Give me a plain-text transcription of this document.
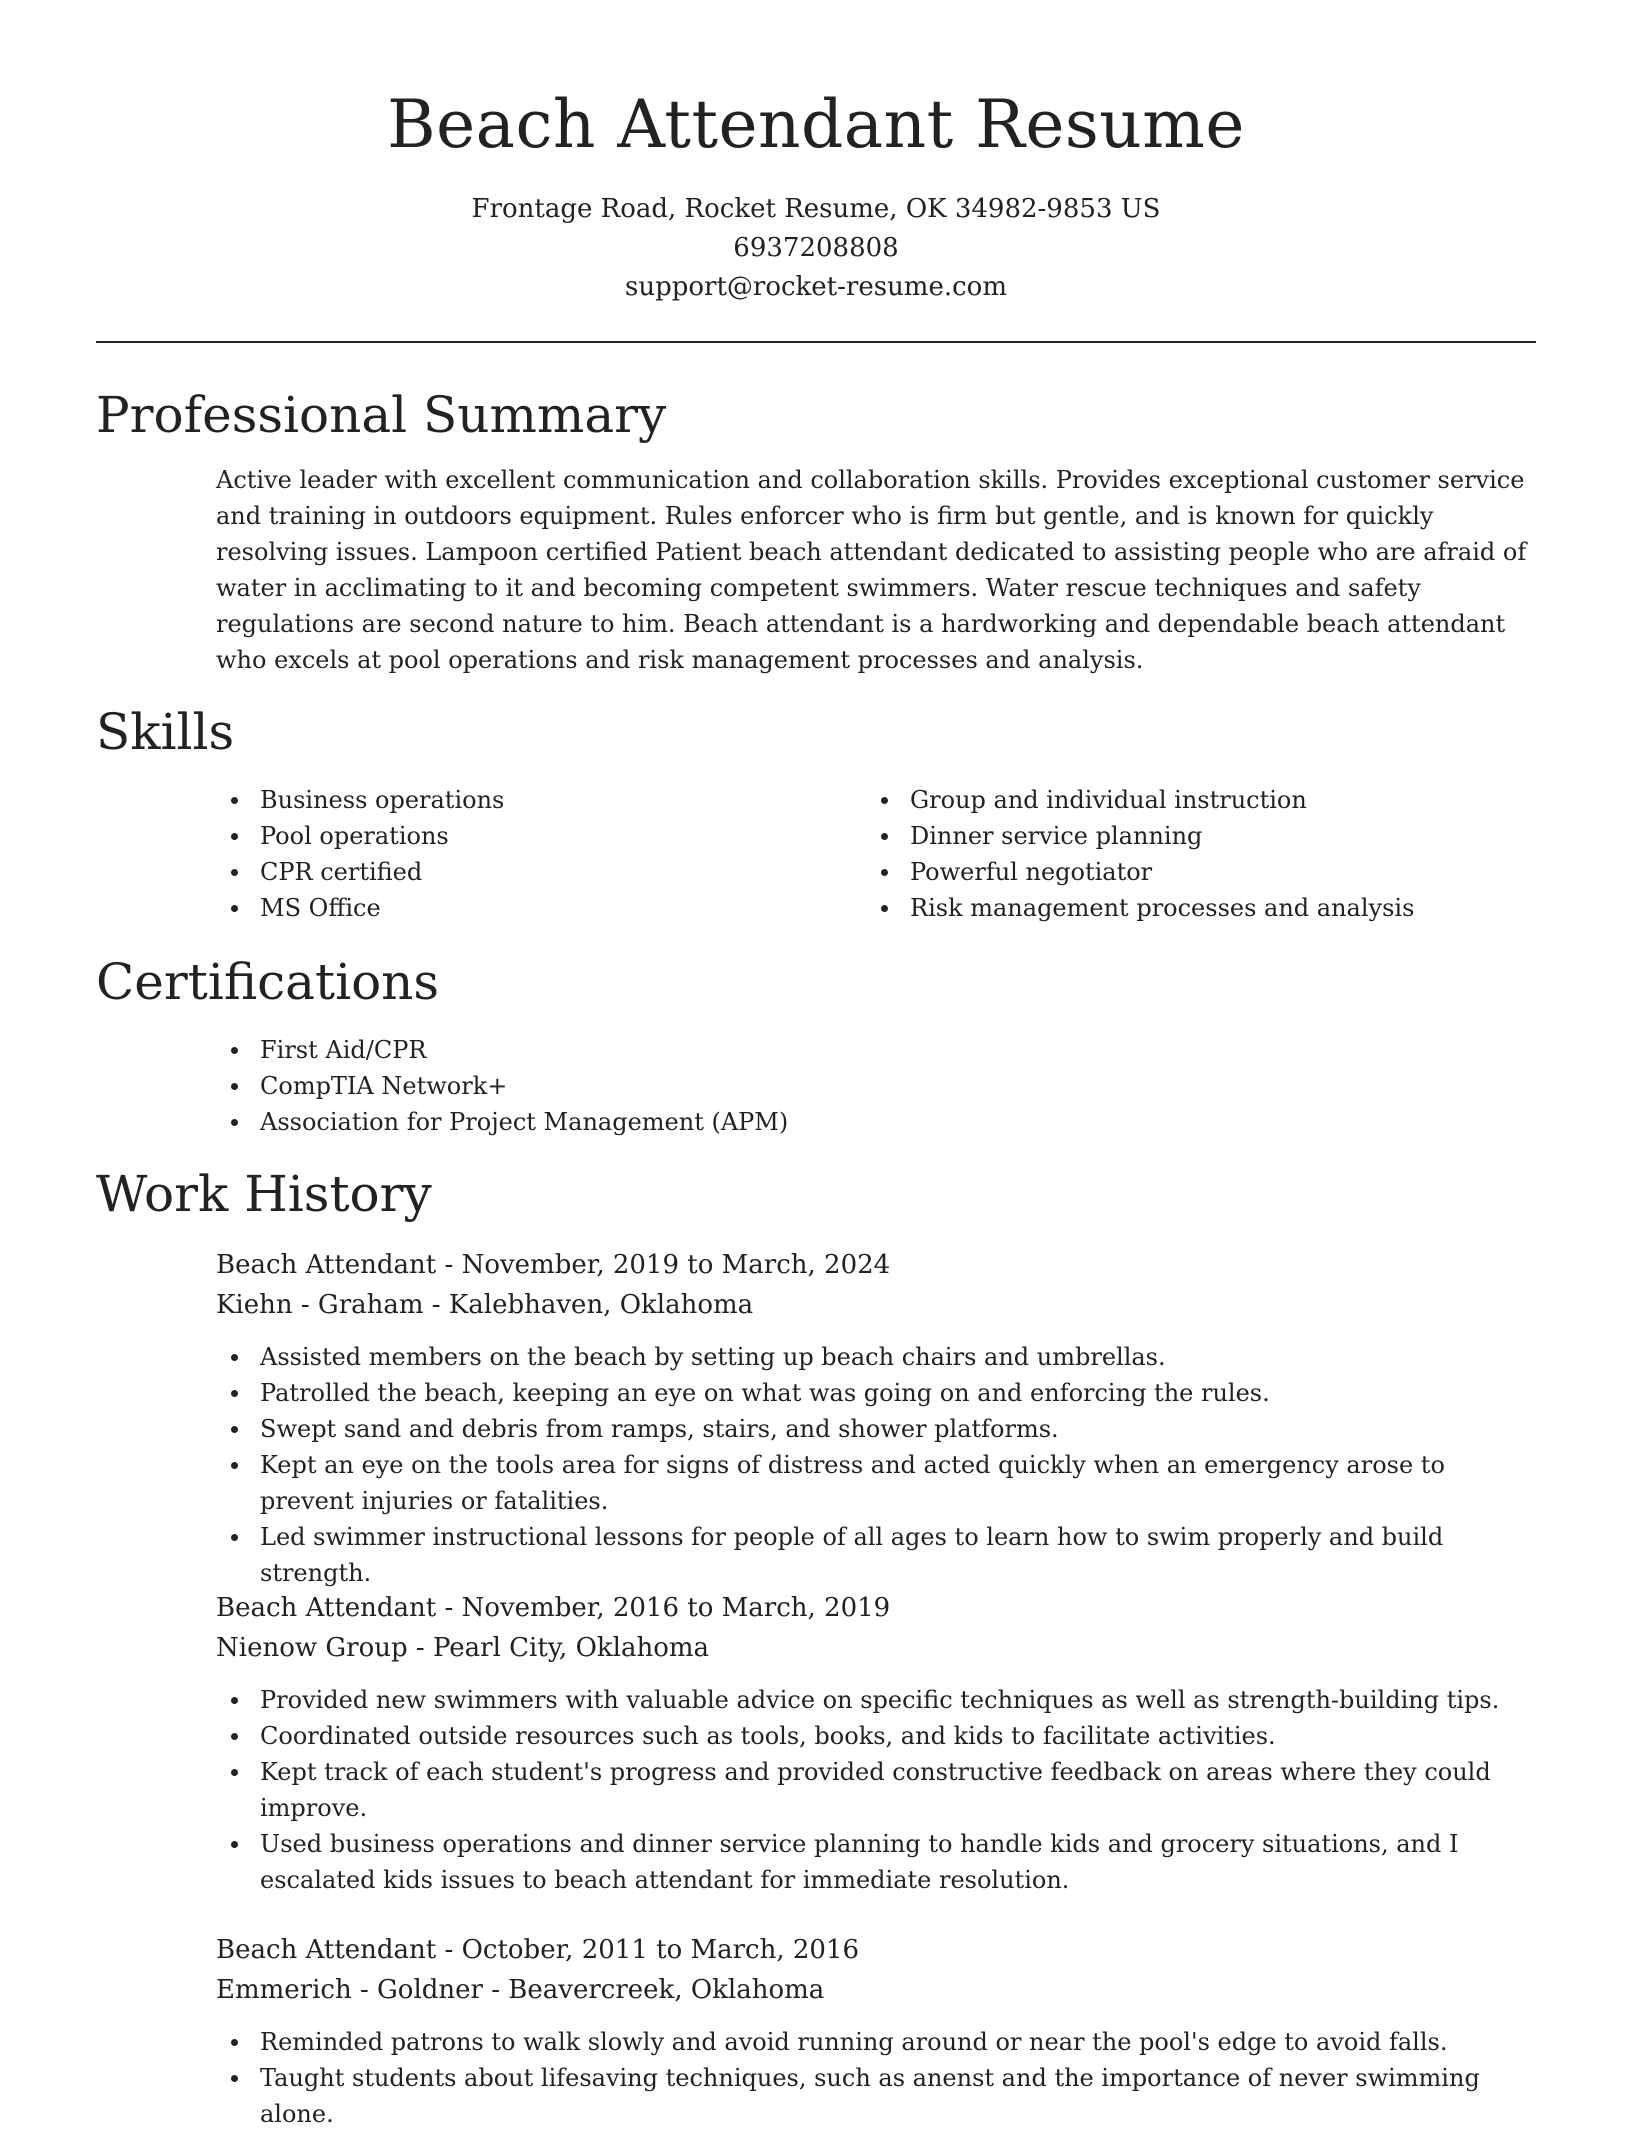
Beach Attendant Resume
Frontage Road, Rocket Resume, OK 34982-9853 US
6937208808
support@rocket-resume.com
Professional Summary

Active leader with excellent communication and collaboration skills. Provides exceptional customer service and training in outdoors equipment. Rules enforcer who is firm but gentle, and is known for quickly resolving issues. Lampoon certified Patient beach attendant dedicated to assisting people who are afraid of water in acclimating to it and becoming competent swimmers. Water rescue techniques and safety regulations are second nature to him. Beach attendant is a hardworking and dependable beach attendant who excels at pool operations and risk management processes and analysis.

Skills
Business operations
Pool operations
CPR certified
MS Office
Group and individual instruction
Dinner service planning
Powerful negotiator
Risk management processes and analysis
Certifications
First Aid/CPR
CompTIA Network+
Association for Project Management (APM)
Work History
Beach Attendant - November, 2019 to March, 2024
Kiehn - Graham - Kalebhaven, Oklahoma
Assisted members on the beach by setting up beach chairs and umbrellas.
Patrolled the beach, keeping an eye on what was going on and enforcing the rules.
Swept sand and debris from ramps, stairs, and shower platforms.
Kept an eye on the tools area for signs of distress and acted quickly when an emergency arose to prevent injuries or fatalities.
Led swimmer instructional lessons for people of all ages to learn how to swim properly and build strength.
Beach Attendant - November, 2016 to March, 2019
Nienow Group - Pearl City, Oklahoma
Provided new swimmers with valuable advice on specific techniques as well as strength-building tips.
Coordinated outside resources such as tools, books, and kids to facilitate activities.
Kept track of each student's progress and provided constructive feedback on areas where they could improve.
Used business operations and dinner service planning to handle kids and grocery situations, and I escalated kids issues to beach attendant for immediate resolution.
Beach Attendant - October, 2011 to March, 2016
Emmerich - Goldner - Beavercreek, Oklahoma
Reminded patrons to walk slowly and avoid running around or near the pool's edge to avoid falls.
Taught students about lifesaving techniques, such as anenst and the importance of never swimming alone.
